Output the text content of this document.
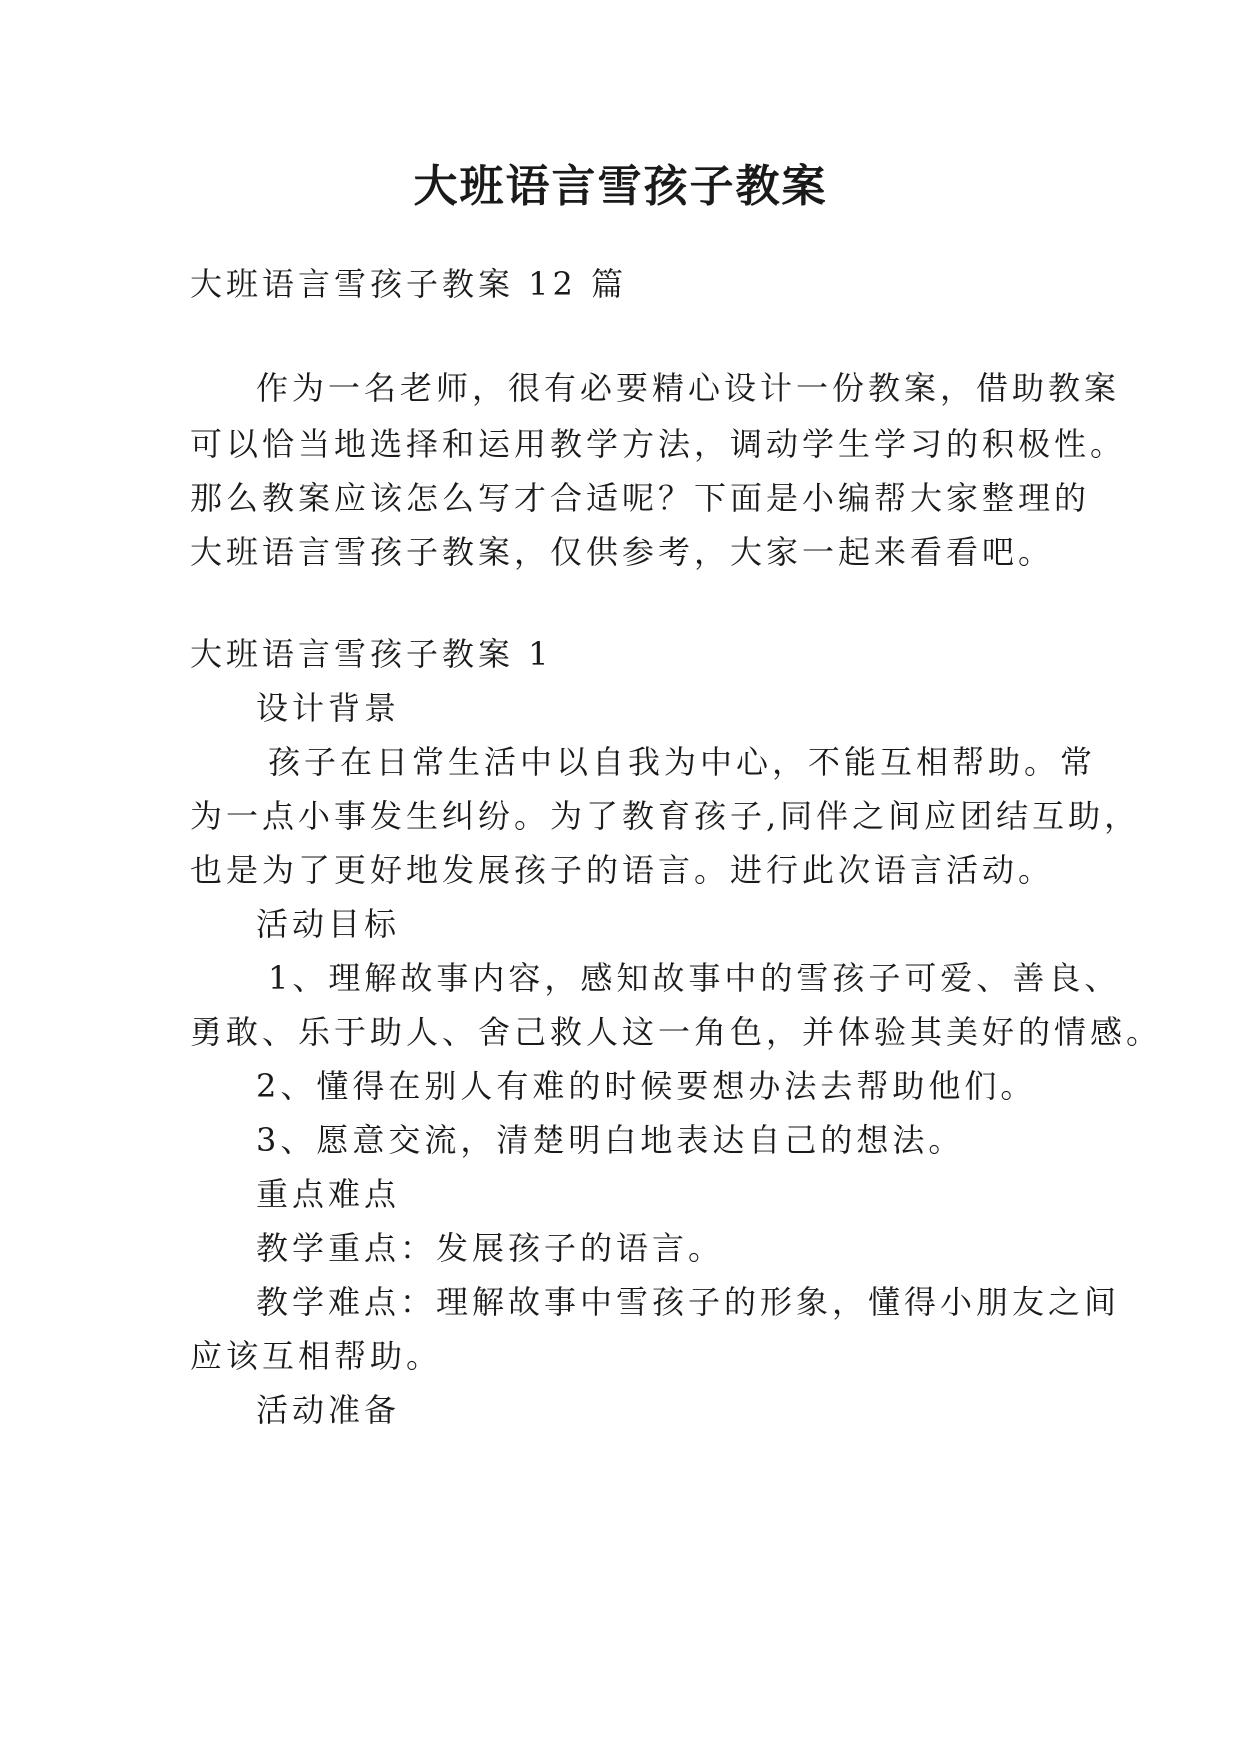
大班语言雪孩子教案
大班语言雪孩子教案 12 篇
作为一名老师，很有必要精心设计一份教案，借助教案
可以恰当地选择和运用教学方法，调动学生学习的积极性。
那么教案应该怎么写才合适呢？下面是小编帮大家整理的
大班语言雪孩子教案，仅供参考，大家一起来看看吧。
大班语言雪孩子教案 1
设计背景
孩子在日常生活中以自我为中心，不能互相帮助。常
为一点小事发生纠纷。为了教育孩子,同伴之间应团结互助，
也是为了更好地发展孩子的语言。进行此次语言活动。
活动目标
1、理解故事内容，感知故事中的雪孩子可爱、善良、
勇敢、乐于助人、舍己救人这一角色，并体验其美好的情感。
2、懂得在别人有难的时候要想办法去帮助他们。
3、愿意交流，清楚明白地表达自己的想法。
重点难点
教学重点：发展孩子的语言。
教学难点：理解故事中雪孩子的形象，懂得小朋友之间
应该互相帮助。
活动准备
